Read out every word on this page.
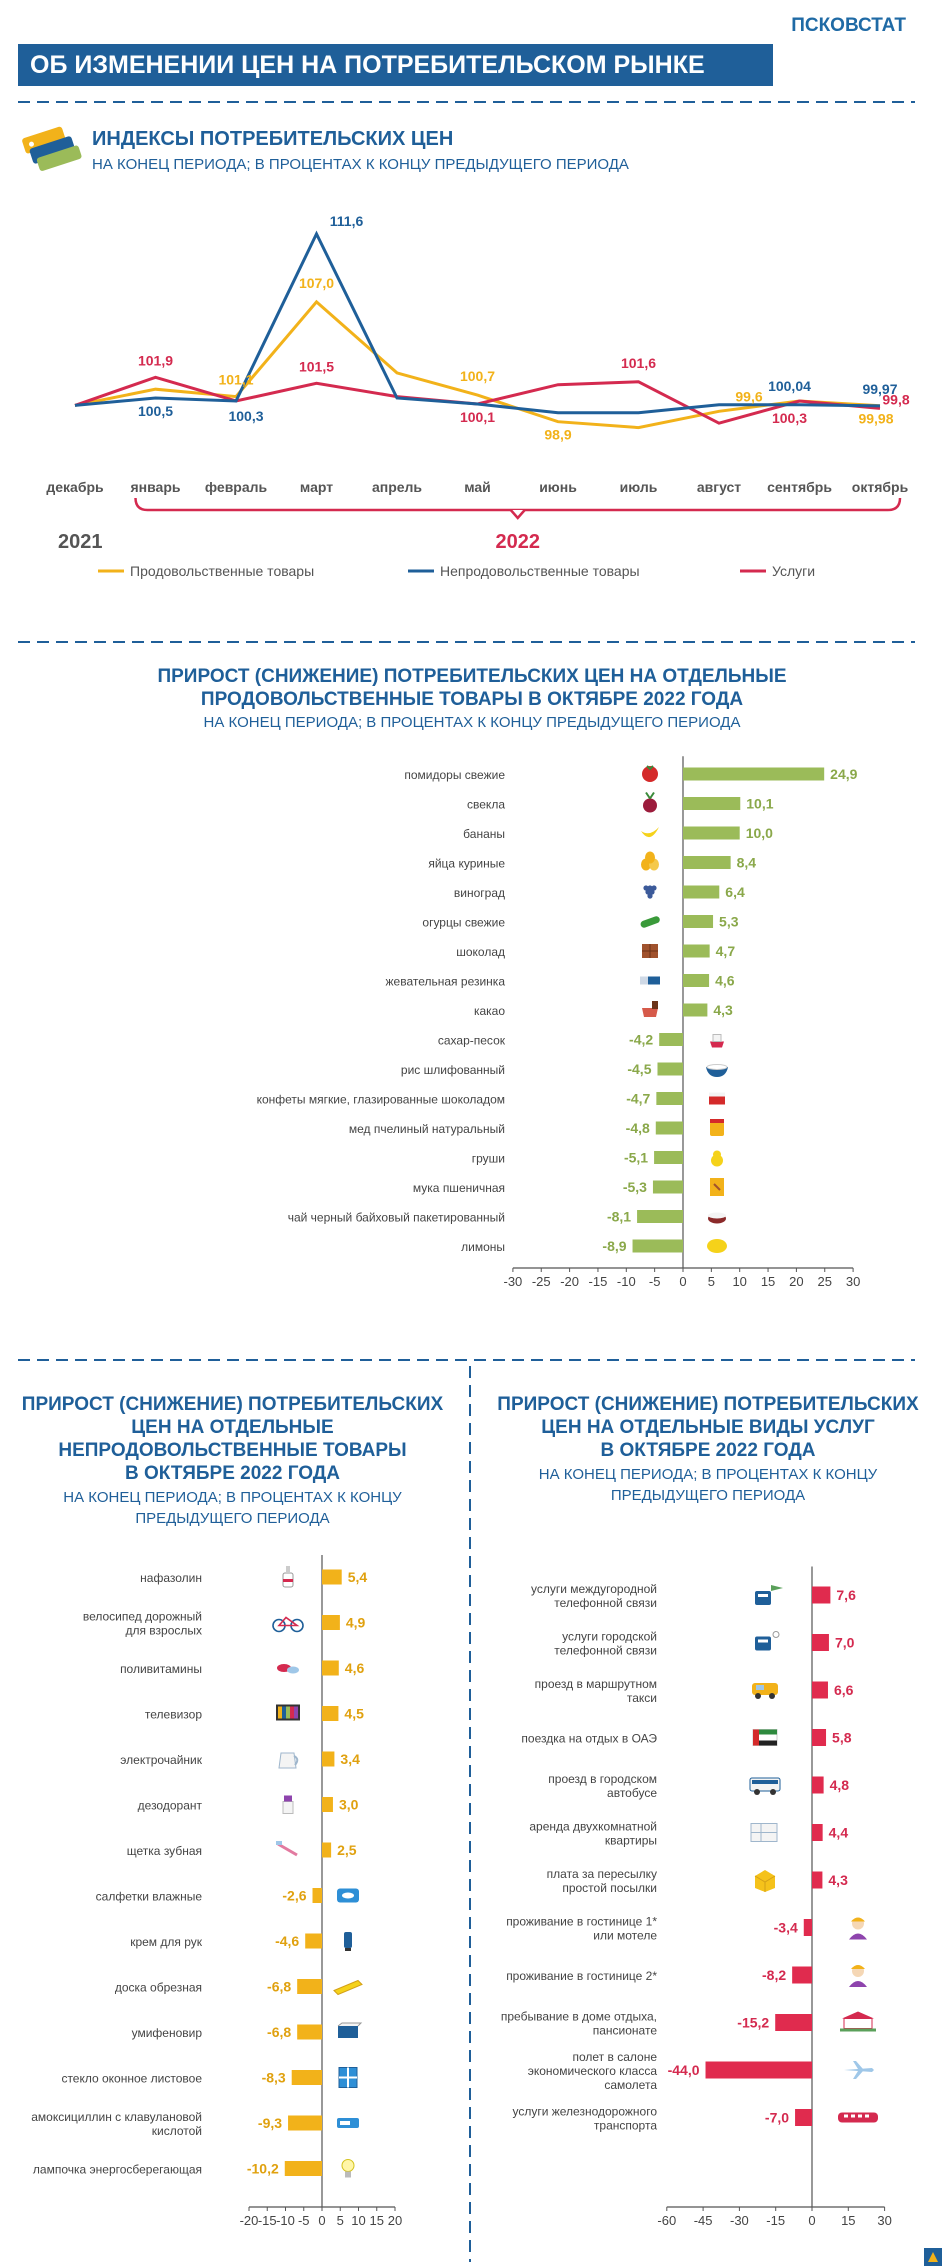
ПСКОВСТАТ
ОБ ИЗМЕНЕНИИ ЦЕН НА ПОТРЕБИТЕЛЬСКОМ РЫНКЕ
ИНДЕКСЫ ПОТРЕБИТЕЛЬСКИХ ЦЕН
НА КОНЕЦ ПЕРИОДА; В ПРОЦЕНТАХ К КОНЦУ ПРЕДЫДУЩЕГО ПЕРИОДА
101,1
107,0
100,7
98,9
99,6
99,98
100,5	100,3
111,6
100,04	99,97
101,9	101,5
100,1
101,6
100,3
99,8
декабрь январь февраль март	апрель	май	июнь	июль	август сентябрь октябрь
2021	2022
Продовольственные товары	Непродовольственные товары	Услуги
ПРИРОСТ (СНИЖЕНИЕ) ПОТРЕБИТЕЛЬСКИХ ЦЕН НА ОТДЕЛЬНЫЕ
ПРОДОВОЛЬСТВЕННЫЕ ТОВАРЫ В ОКТЯБРЕ 2022 ГОДА
НА КОНЕЦ ПЕРИОДА; В ПРОЦЕНТАХ К КОНЦУ ПРЕДЫДУЩЕГО ПЕРИОДА
-30 -25 -20 -15 -10 -5 0 5 10 15 20 25 30
24,9
помидоры свежие
10,1
свекла
10,0
бананы
8,4
яйца куриные
6,4
виноград
5,3
огурцы свежие
4,7
шоколад
4,6
жевательная резинка
4,3
какао
-4,2
сахар-песок
-4,5
рис шлифованный
-4,7
конфеты мягкие, глазированные шоколадом
-4,8
мед пчелиный натуральный
-5,1
груши
-5,3
мука пшеничная
-8,1
чай черный байховый пакетированный
-8,9
лимоны
ПРИРОСТ (СНИЖЕНИЕ) ПОТРЕБИТЕЛЬСКИХ
ЦЕН НА ОТДЕЛЬНЫЕ
НЕПРОДОВОЛЬСТВЕННЫЕ ТОВАРЫ
В ОКТЯБРЕ 2022 ГОДА
НА КОНЕЦ ПЕРИОДА; В ПРОЦЕНТАХ К КОНЦУ
ПРЕДЫДУЩЕГО ПЕРИОДА
-20 -15 -10 -5 0 5 10 15 20
5,4
нафазолин
4,9
велосипед дорожный для взрослых
4,6
поливитамины
4,5
телевизор
3,4
электрочайник
3,0
дезодорант
2,5
щетка зубная
-2,6
салфетки влажные
-4,6
крем для рук
-6,8
доска обрезная
-6,8
умифеновир
-8,3
стекло оконное листовое
-9,3
амоксициллин с клавулановой кислотой
-10,2
лампочка энергосберегающая
ПРИРОСТ (СНИЖЕНИЕ) ПОТРЕБИТЕЛЬСКИХ
ЦЕН НА ОТДЕЛЬНЫЕ ВИДЫ УСЛУГ
В ОКТЯБРЕ 2022 ГОДА
НА КОНЕЦ ПЕРИОДА; В ПРОЦЕНТАХ К КОНЦУ
ПРЕДЫДУЩЕГО ПЕРИОДА
-60 -45 -30 -15 0 15 30
7,6
услуги междугородной телефонной связи
7,0
услуги городской телефонной связи
6,6
проезд в маршрутном такси
5,8
поездка на отдых в ОАЭ
4,8
проезд в городском автобусе
4,4
аренда двухкомнатной квартиры
4,3
плата за пересылку простой посылки
-3,4
проживание в гостинице 1* или мотеле
-8,2
проживание в гостинице 2*
-15,2
пребывание в доме отдыха, пансионате
-44,0
полет в салоне экономического класса самолета
-7,0
услуги железнодорожного транспорта
